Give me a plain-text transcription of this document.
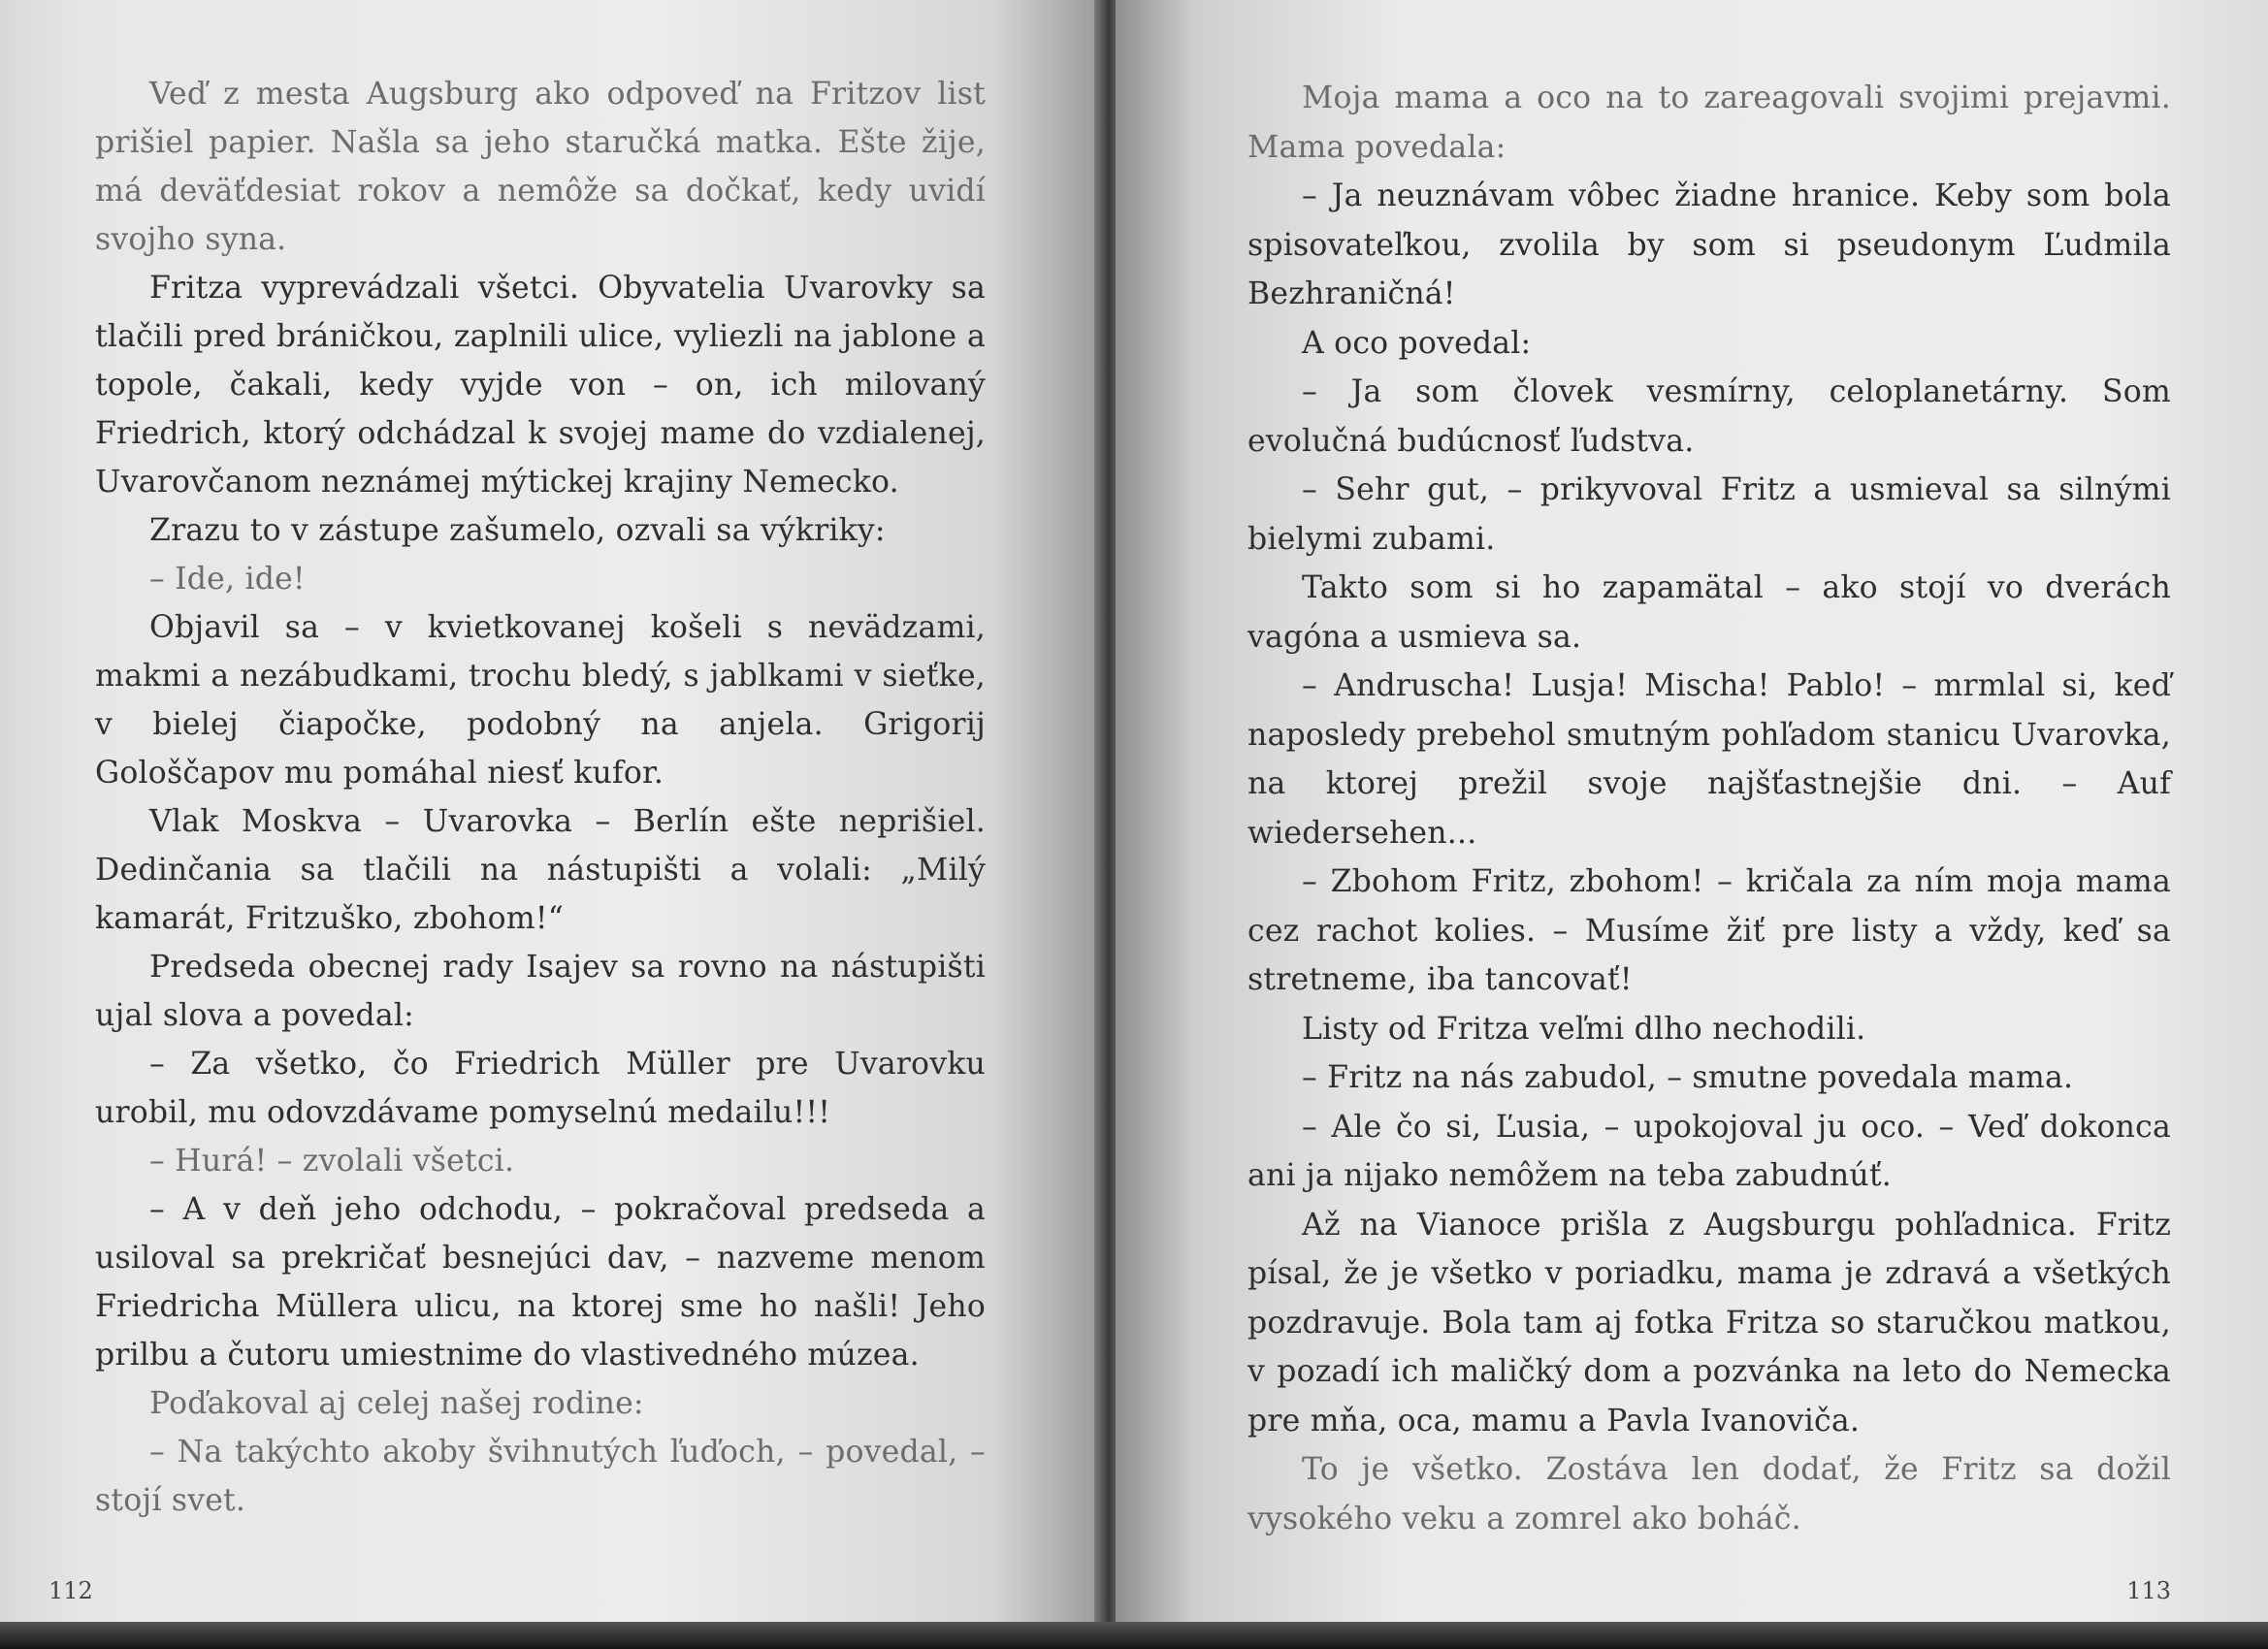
Veď z mesta Augsburg ako odpoveď na Fritzov list prišiel papier. Našla sa jeho staručká matka. Ešte žije, má deväťdesiat rokov a nemôže sa dočkať, kedy uvidí svojho syna.

Fritza vyprevádzali všetci. Obyvatelia Uvarovky sa tlačili pred bráničkou, zaplnili ulice, vyliezli na jablone a topole, čakali, kedy vyjde von – on, ich milovaný Friedrich, ktorý odchádzal k svojej mame do vzdialenej, Uvarovčanom neznámej mýtickej krajiny Nemecko.

Zrazu to v zástupe zašumelo, ozvali sa výkriky:

– Ide, ide!

Objavil sa – v kvietkovanej košeli s nevädzami, makmi a nezábudkami, trochu bledý, s jablkami v sieťke, v bielej čiapočke, podobný na anjela. Grigorij Gološčapov mu pomáhal niesť kufor.

Vlak Moskva – Uvarovka – Berlín ešte neprišiel. Dedinčania sa tlačili na nástupišti a volali: „Milý kamarát, Fritzuško, zbohom!“

Predseda obecnej rady Isajev sa rovno na nástupišti ujal slova a povedal:

– Za všetko, čo Friedrich Müller pre Uvarovku urobil, mu odovzdávame pomyselnú medailu!!!

– Hurá! – zvolali všetci.

– A v deň jeho odchodu, – pokračoval predseda a usiloval sa prekričať besnejúci dav, – nazveme menom Friedricha Müllera ulicu, na ktorej sme ho našli! Jeho prilbu a čutoru umiestnime do vlastivedného múzea.

Poďakoval aj celej našej rodine:

– Na takýchto akoby švihnutých ľuďoch, – povedal, – stojí svet.

112

Moja mama a oco na to zareagovali svojimi prejavmi. Mama povedala:

– Ja neuznávam vôbec žiadne hranice. Keby som bola spisovateľkou, zvolila by som si pseudonym Ľudmila Bezhraničná!

A oco povedal:

– Ja som človek vesmírny, celoplanetárny. Som evolučná budúcnosť ľudstva.

– Sehr gut, – prikyvoval Fritz a usmieval sa silnými bielymi zubami.

Takto som si ho zapamätal – ako stojí vo dverách vagóna a usmieva sa.

– Andruscha! Lusja! Mischa! Pablo! – mrmlal si, keď naposledy prebehol smutným pohľadom stanicu Uvarovka, na ktorej prežil svoje najšťastnejšie dni. – Auf wiedersehen...

– Zbohom Fritz, zbohom! – kričala za ním moja mama cez rachot kolies. – Musíme žiť pre listy a vždy, keď sa stretneme, iba tancovať!

Listy od Fritza veľmi dlho nechodili.

– Fritz na nás zabudol, – smutne povedala mama.

– Ale čo si, Ľusia, – upokojoval ju oco. – Veď dokonca ani ja nijako nemôžem na teba zabudnúť.

Až na Vianoce prišla z Augsburgu pohľadnica. Fritz písal, že je všetko v poriadku, mama je zdravá a všetkých pozdravuje. Bola tam aj fotka Fritza so staručkou matkou, v pozadí ich maličký dom a pozvánka na leto do Nemecka pre mňa, oca, mamu a Pavla Ivanoviča.

To je všetko. Zostáva len dodať, že Fritz sa dožil vysokého veku a zomrel ako boháč.

113
